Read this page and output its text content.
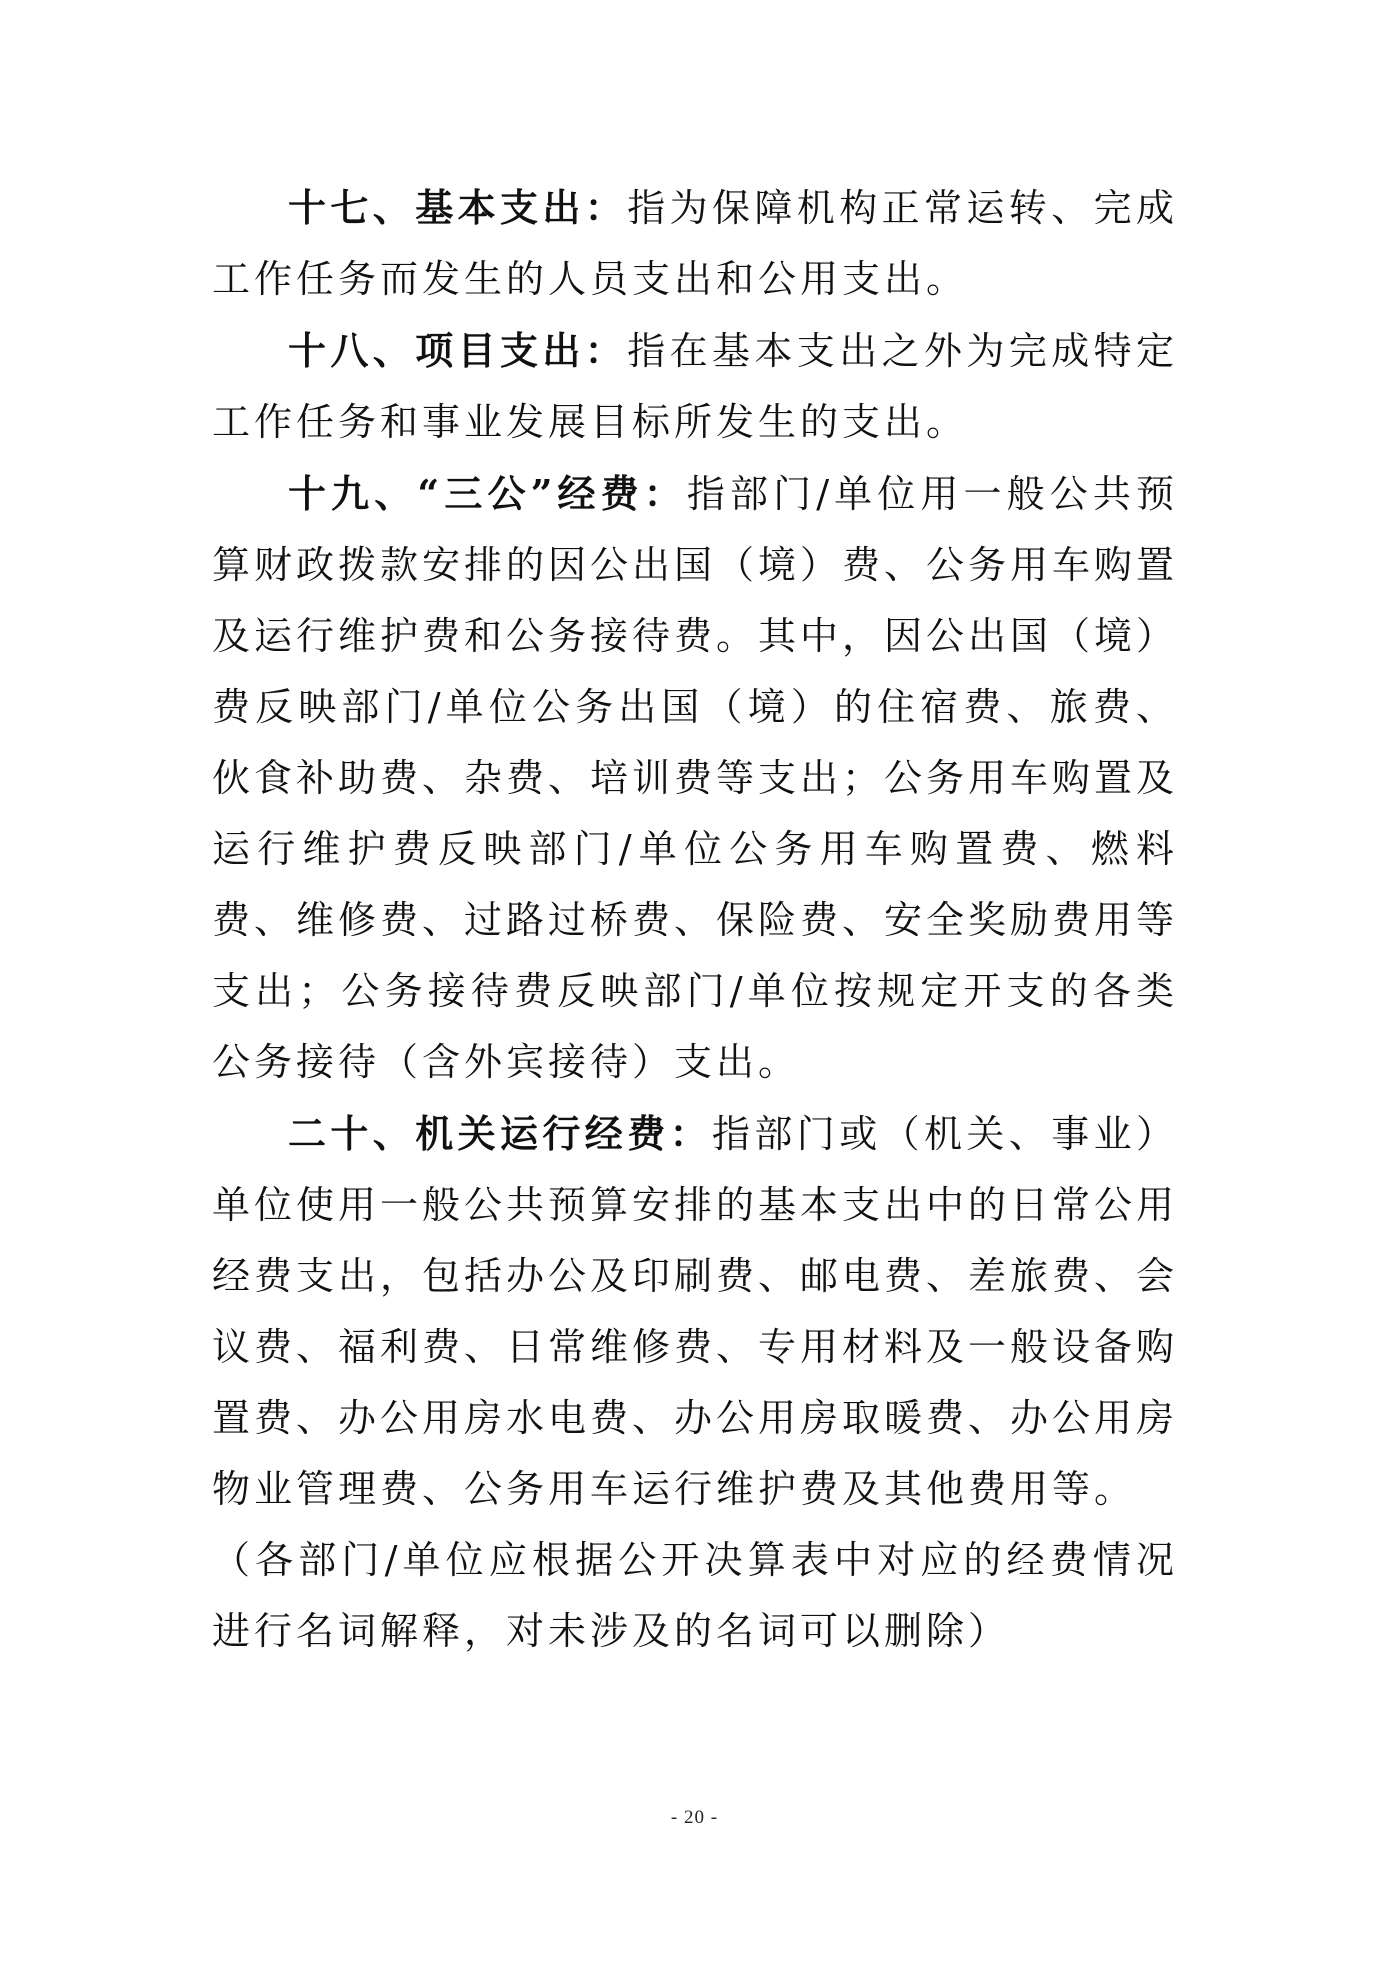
十七、基本支出：指为保障机构正常运转、完成工作任务而发生的人员支出和公用支出。

十八、项目支出：指在基本支出之外为完成特定工作任务和事业发展目标所发生的支出。

十九、“三公”经费：指部门/单位用一般公共预算财政拨款安排的因公出国（境）费、公务用车购置及运行维护费和公务接待费。其中，因公出国（境）费反映部门/单位公务出国（境）的住宿费、旅费、伙食补助费、杂费、培训费等支出；公务用车购置及运行维护费反映部门/单位公务用车购置费、燃料费、维修费、过路过桥费、保险费、安全奖励费用等支出；公务接待费反映部门/单位按规定开支的各类公务接待（含外宾接待）支出。

二十、机关运行经费：指部门或（机关、事业）单位使用一般公共预算安排的基本支出中的日常公用经费支出，包括办公及印刷费、邮电费、差旅费、会议费、福利费、日常维修费、专用材料及一般设备购置费、办公用房水电费、办公用房取暖费、办公用房物业管理费、公务用车运行维护费及其他费用等。

（各部门/单位应根据公开决算表中对应的经费情况进行名词解释，对未涉及的名词可以删除）

- 20 -
